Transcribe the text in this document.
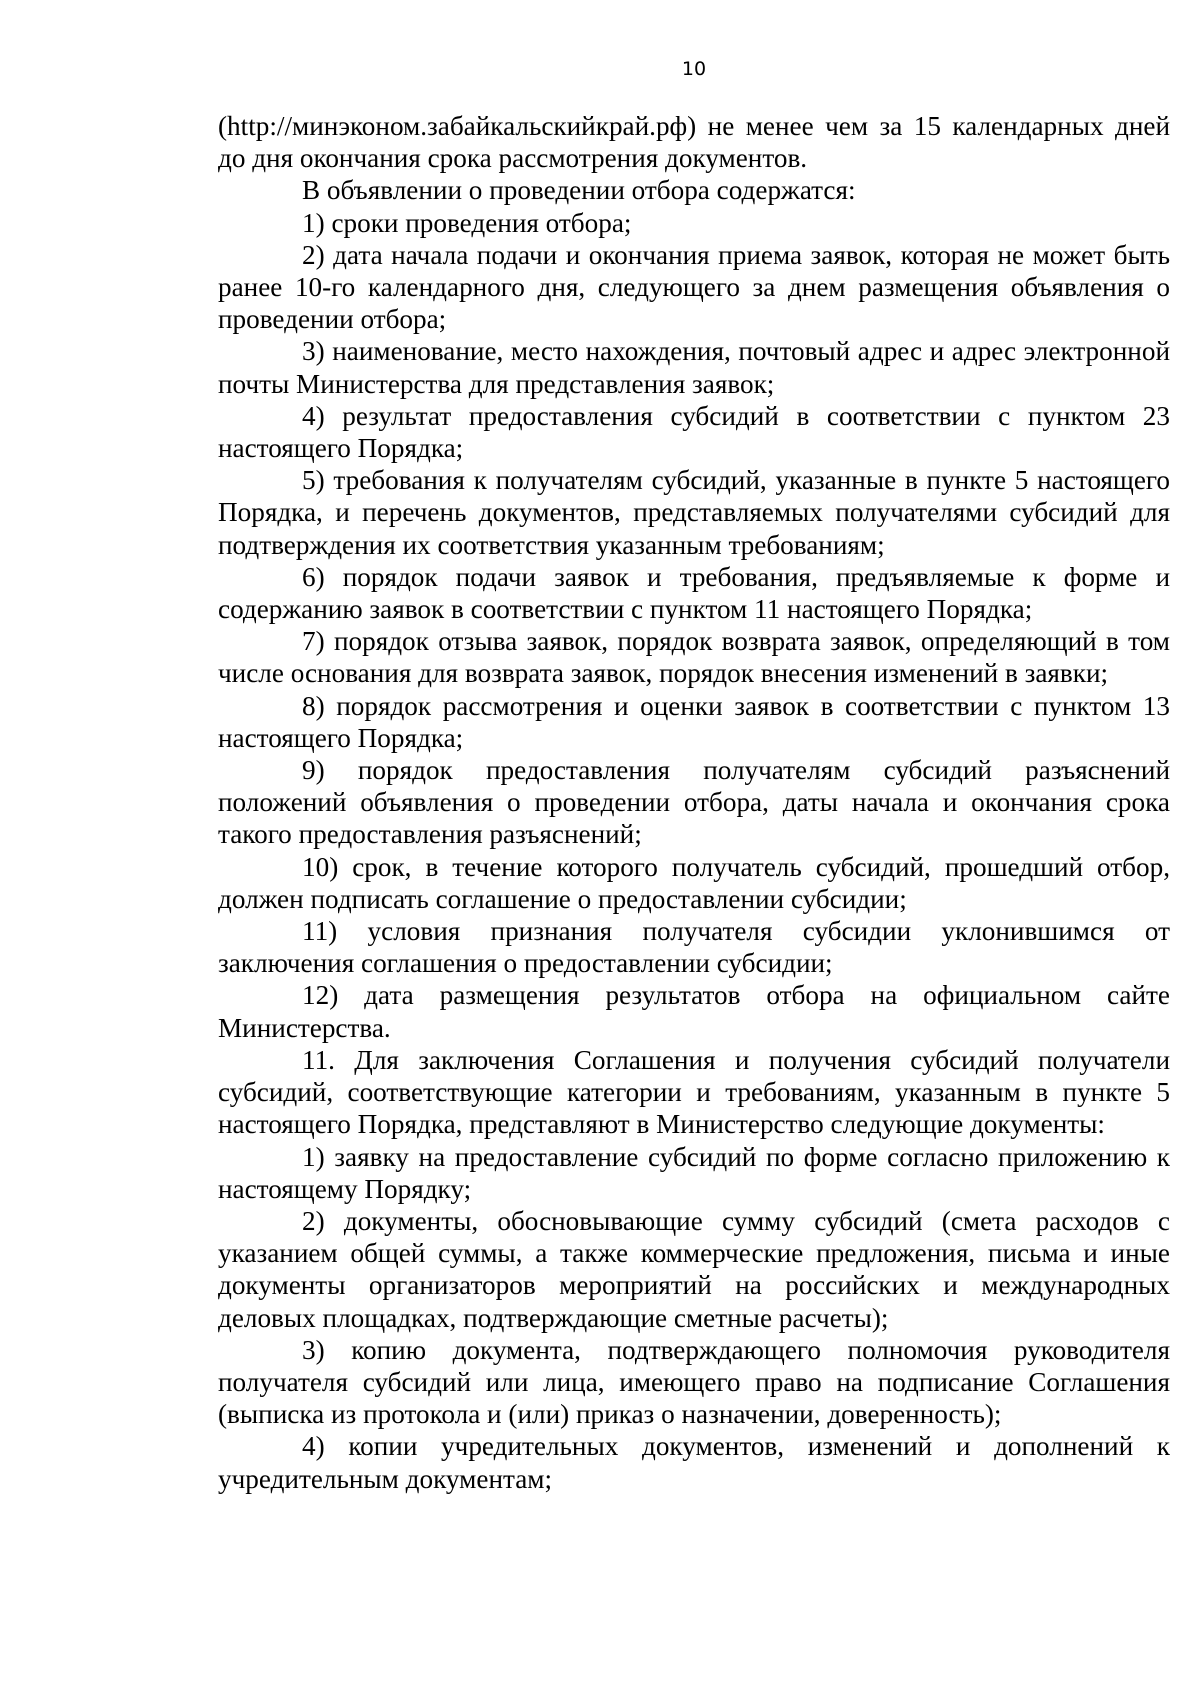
10

(http://минэконом.забайкальскийкрай.рф) не менее чем за 15 календарных дней до дня окончания срока рассмотрения документов.

В объявлении о проведении отбора содержатся:

1) сроки проведения отбора;

2) дата начала подачи и окончания приема заявок, которая не может быть ранее 10-го календарного дня, следующего за днем размещения объявления о проведении отбора;

3) наименование, место нахождения, почтовый адрес и адрес электронной почты Министерства для представления заявок;

4) результат предоставления субсидий в соответствии с пунктом 23 настоящего Порядка;

5) требования к получателям субсидий, указанные в пункте 5 настоящего Порядка, и перечень документов, представляемых получателями субсидий для подтверждения их соответствия указанным требованиям;

6) порядок подачи заявок и требования, предъявляемые к форме и содержанию заявок в соответствии с пунктом 11 настоящего Порядка;

7) порядок отзыва заявок, порядок возврата заявок, определяющий в том числе основания для возврата заявок, порядок внесения изменений в заявки;

8) порядок рассмотрения и оценки заявок в соответствии с пунктом 13 настоящего Порядка;

9) порядок предоставления получателям субсидий разъяснений положений объявления о проведении отбора, даты начала и окончания срока такого предоставления разъяснений;

10) срок, в течение которого получатель субсидий, прошедший отбор, должен подписать соглашение о предоставлении субсидии;

11) условия признания получателя субсидии уклонившимся от заключения соглашения о предоставлении субсидии;

12) дата размещения результатов отбора на официальном сайте Министерства.

11. Для заключения Соглашения и получения субсидий получатели субсидий, соответствующие категории и требованиям, указанным в пункте 5 настоящего Порядка, представляют в Министерство следующие документы:

1) заявку на предоставление субсидий по форме согласно приложению к настоящему Порядку;

2) документы, обосновывающие сумму субсидий (смета расходов с указанием общей суммы, а также коммерческие предложения, письма и иные документы организаторов мероприятий на российских и международных деловых площадках, подтверждающие сметные расчеты);

3) копию документа, подтверждающего полномочия руководителя получателя субсидий или лица, имеющего право на подписание Соглашения (выписка из протокола и (или) приказ о назначении, доверенность);

4) копии учредительных документов, изменений и дополнений к учредительным документам;
